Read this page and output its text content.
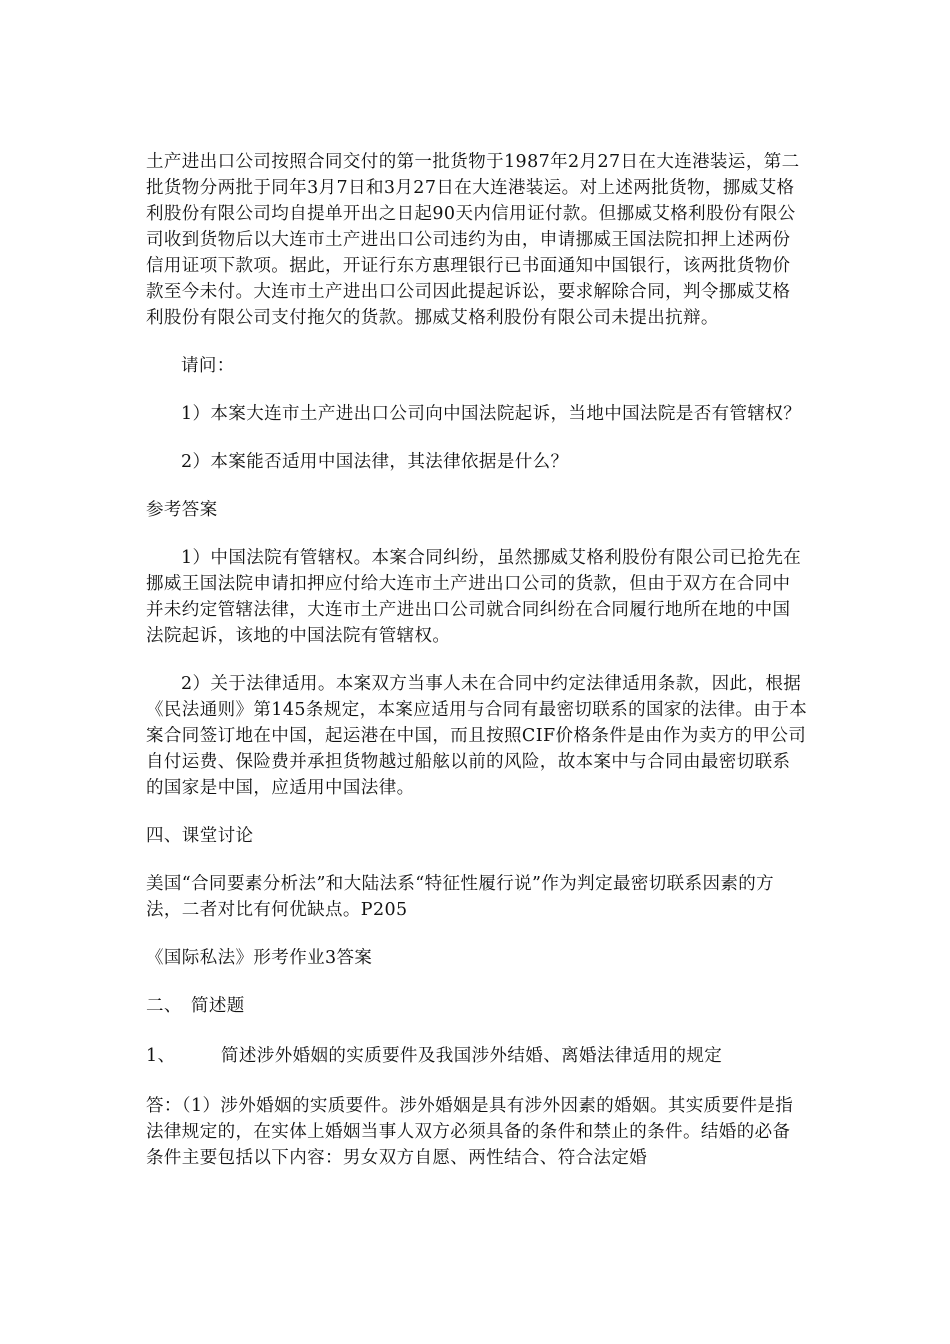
土产进出口公司按照合同交付的第一批货物于1987年2月27日在大连港装运，第二批货物分两批于同年3月7日和3月27日在大连港装运。对上述两批货物，挪威艾格利股份有限公司均自提单开出之日起90天内信用证付款。但挪威艾格利股份有限公司收到货物后以大连市土产进出口公司违约为由，申请挪威王国法院扣押上述两份信用证项下款项。据此，开证行东方惠理银行已书面通知中国银行，该两批货物价款至今未付。大连市土产进出口公司因此提起诉讼，要求解除合同，判令挪威艾格利股份有限公司支付拖欠的货款。挪威艾格利股份有限公司未提出抗辩。

请问：

1）本案大连市土产进出口公司向中国法院起诉，当地中国法院是否有管辖权？

2）本案能否适用中国法律，其法律依据是什么？

参考答案

1）中国法院有管辖权。本案合同纠纷，虽然挪威艾格利股份有限公司已抢先在挪威王国法院申请扣押应付给大连市土产进出口公司的货款，但由于双方在合同中并未约定管辖法律，大连市土产进出口公司就合同纠纷在合同履行地所在地的中国法院起诉，该地的中国法院有管辖权。

2）关于法律适用。本案双方当事人未在合同中约定法律适用条款，因此，根据《民法通则》第145条规定，本案应适用与合同有最密切联系的国家的法律。由于本案合同签订地在中国，起运港在中国，而且按照CIF价格条件是由作为卖方的甲公司自付运费、保险费并承担货物越过船舷以前的风险，故本案中与合同由最密切联系的国家是中国，应适用中国法律。

四、课堂讨论

美国“合同要素分析法”和大陆法系“特征性履行说”作为判定最密切联系因素的方法，二者对比有何优缺点。P205

《国际私法》形考作业3答案

二、　简述题

1、	简述涉外婚姻的实质要件及我国涉外结婚、离婚法律适用的规定

答：（1）涉外婚姻的实质要件。涉外婚姻是具有涉外因素的婚姻。其实质要件是指法律规定的，在实体上婚姻当事人双方必须具备的条件和禁止的条件。结婚的必备条件主要包括以下内容：男女双方自愿、两性结合、符合法定婚
